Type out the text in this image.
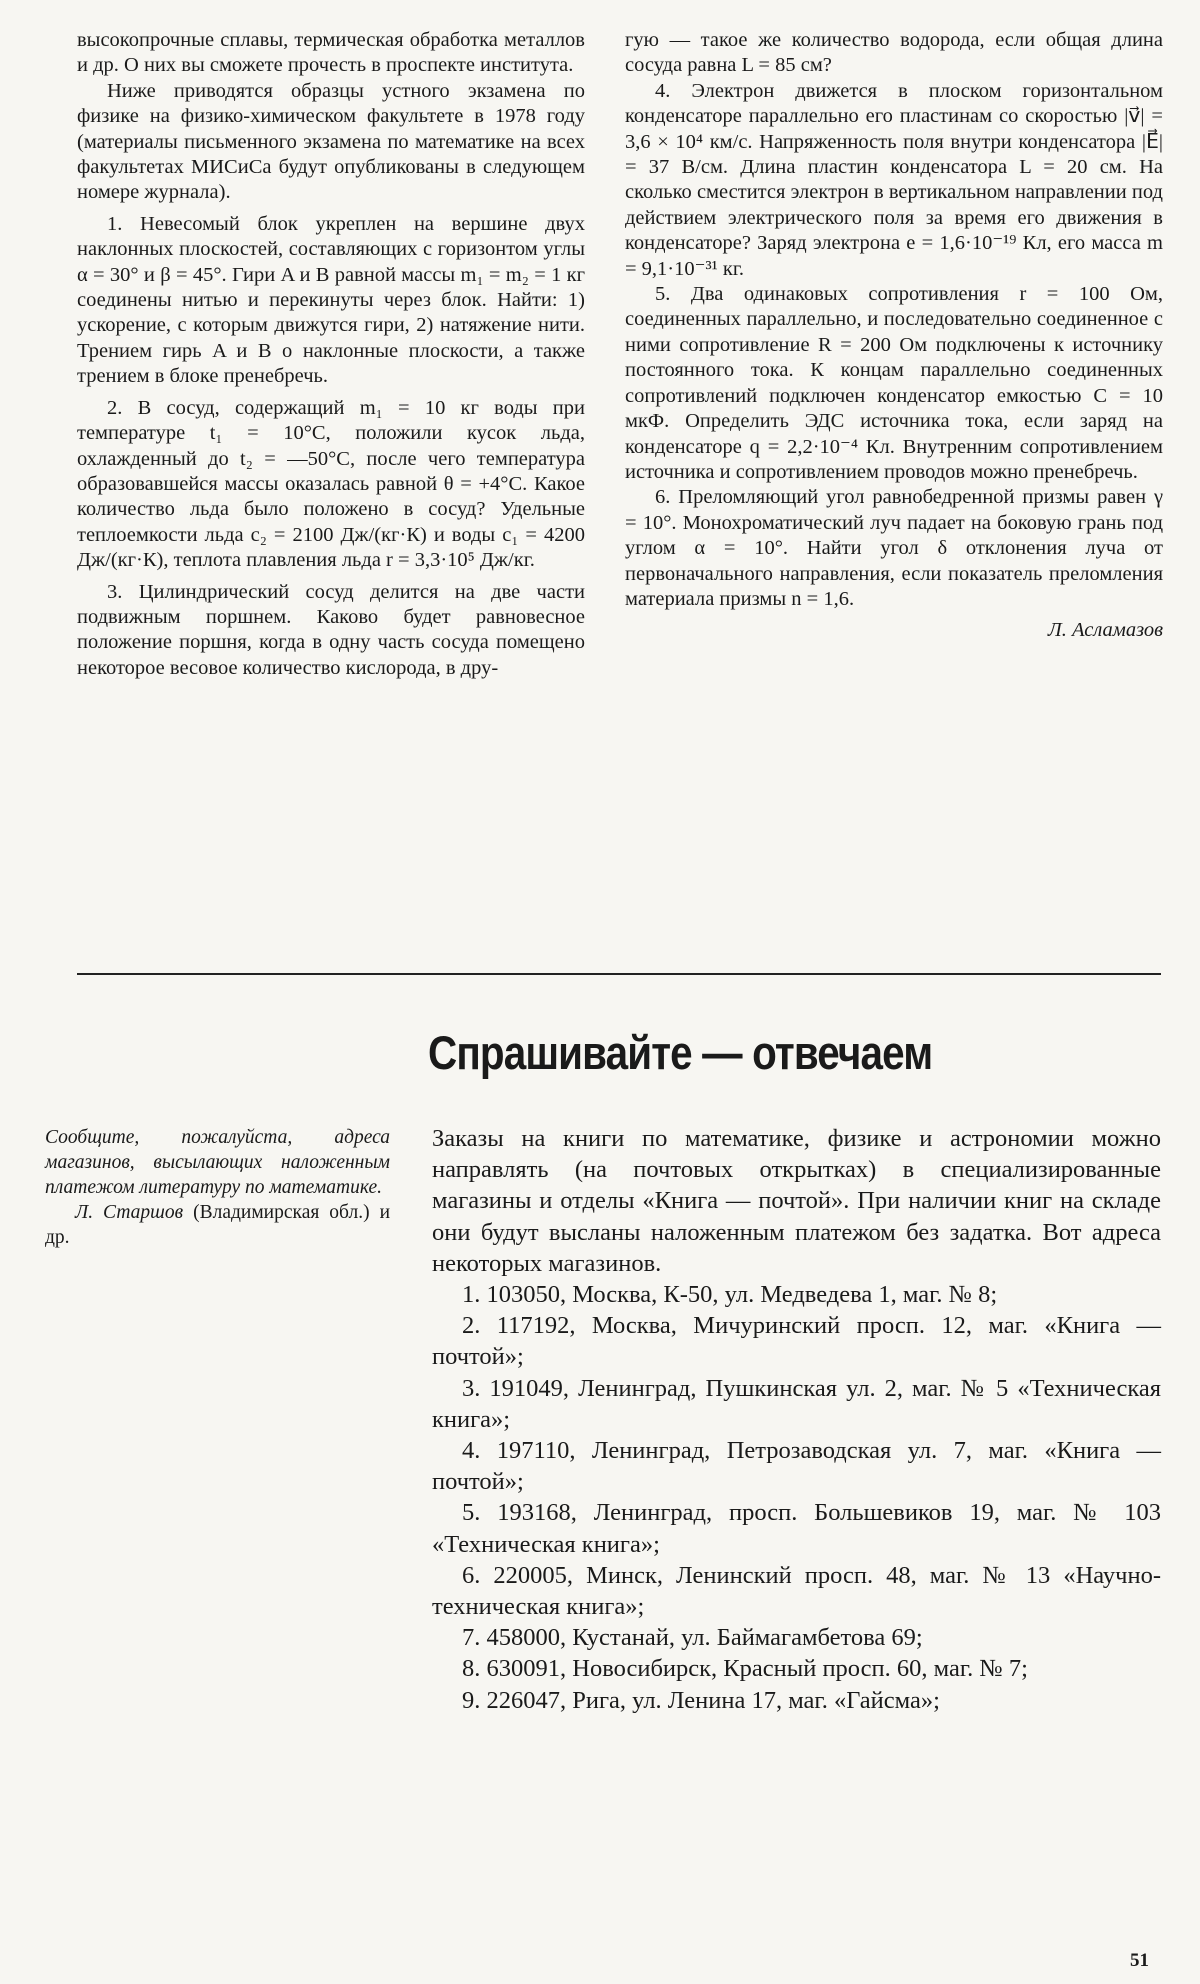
высокопрочные сплавы, термическая обработка металлов и др. О них вы сможете прочесть в проспекте института.

Ниже приводятся образцы устного экзамена по физике на физико-химическом факультете в 1978 году (материалы письменного экзамена по математике на всех факультетах МИСиСа будут опубликованы в следующем номере журнала).

1. Невесомый блок укреплен на вершине двух наклонных плоскостей, составляющих с горизонтом углы α = 30° и β = 45°. Гири A и B равной массы m₁ = m₂ = 1 кг соединены нитью и перекинуты через блок. Найти: 1) ускорение, с которым движутся гири, 2) натяжение нити. Трением гирь A и B о наклонные плоскости, а также трением в блоке пренебречь.

2. В сосуд, содержащий m₁ = 10 кг воды при температуре t₁ = 10°С, положили кусок льда, охлажденный до t₂ = —50°С, после чего температура образовавшейся массы оказалась равной θ = +4°С. Какое количество льда было положено в сосуд? Удельные теплоемкости льда c₂ = 2100 Дж/(кг·К) и воды c₁ = 4200 Дж/(кг·К), теплота плавления льда r = 3,3·10⁵ Дж/кг.

3. Цилиндрический сосуд делится на две части подвижным поршнем. Каково будет равновесное положение поршня, когда в одну часть сосуда помещено некоторое весовое количество кислорода, в дру-

гую — такое же количество водорода, если общая длина сосуда равна L = 85 см?

4. Электрон движется в плоском горизонтальном конденсаторе параллельно его пластинам со скоростью |v⃗| = 3,6 × 10⁴ км/с. Напряженность поля внутри конденсатора |E⃗| = 37 В/см. Длина пластин конденсатора L = 20 см. На сколько сместится электрон в вертикальном направлении под действием электрического поля за время его движения в конденсаторе? Заряд электрона e = 1,6·10⁻¹⁹ Кл, его масса m = 9,1·10⁻³¹ кг.

5. Два одинаковых сопротивления r = 100 Ом, соединенных параллельно, и последовательно соединенное с ними сопротивление R = 200 Ом подключены к источнику постоянного тока. К концам параллельно соединенных сопротивлений подключен конденсатор емкостью C = 10 мкФ. Определить ЭДС источника тока, если заряд на конденсаторе q = 2,2·10⁻⁴ Кл. Внутренним сопротивлением источника и сопротивлением проводов можно пренебречь.

6. Преломляющий угол равнобедренной призмы равен γ = 10°. Монохроматический луч падает на боковую грань под углом α = 10°. Найти угол δ отклонения луча от первоначального направления, если показатель преломления материала призмы n = 1,6.

Л. Асламазов

Спрашивайте — отвечаем

Сообщите, пожалуйста, адреса магазинов, высылающих наложенным платежом литературу по математике.

Л. Старшов (Владимирская обл.) и др.

Заказы на книги по математике, физике и астрономии можно направлять (на почтовых открытках) в специализированные магазины и отделы «Книга — почтой». При наличии книг на складе они будут высланы наложенным платежом без задатка. Вот адреса некоторых магазинов.

1. 103050, Москва, К-50, ул. Медведева 1, маг. № 8;

2. 117192, Москва, Мичуринский просп. 12, маг. «Книга — почтой»;

3. 191049, Ленинград, Пушкинская ул. 2, маг. № 5 «Техническая книга»;

4. 197110, Ленинград, Петрозаводская ул. 7, маг. «Книга — почтой»;

5. 193168, Ленинград, просп. Большевиков 19, маг. № 103 «Техническая книга»;

6. 220005, Минск, Ленинский просп. 48, маг. № 13 «Научно-техническая книга»;

7. 458000, Кустанай, ул. Баймагамбетова 69;

8. 630091, Новосибирск, Красный просп. 60, маг. № 7;

9. 226047, Рига, ул. Ленина 17, маг. «Гайсма»;

51
